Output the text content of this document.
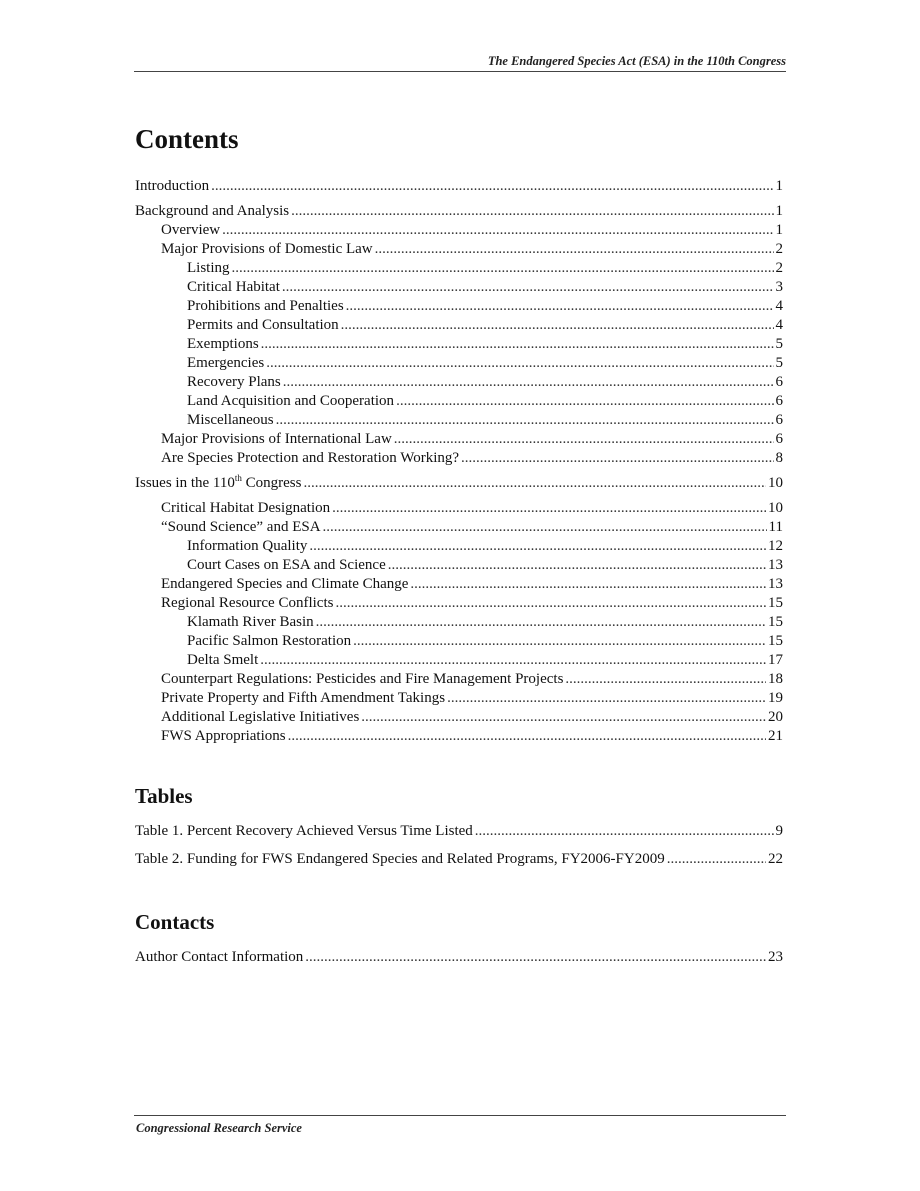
The Endangered Species Act (ESA) in the 110th Congress
Contents
Introduction .....	1
Background and Analysis .....	1
Overview .....	1
Major Provisions of Domestic Law .....	2
Listing .....	2
Critical Habitat .....	3
Prohibitions and Penalties .....	4
Permits and Consultation .....	4
Exemptions .....	5
Emergencies .....	5
Recovery Plans .....	6
Land Acquisition and Cooperation .....	6
Miscellaneous .....	6
Major Provisions of International Law .....	6
Are Species Protection and Restoration Working? .....	8
Issues in the 110th Congress .....	10
Critical Habitat Designation .....	10
“Sound Science” and ESA .....	11
Information Quality .....	12
Court Cases on ESA and Science .....	13
Endangered Species and Climate Change .....	13
Regional Resource Conflicts .....	15
Klamath River Basin .....	15
Pacific Salmon Restoration .....	15
Delta Smelt .....	17
Counterpart Regulations: Pesticides and Fire Management Projects .....	18
Private Property and Fifth Amendment Takings .....	19
Additional Legislative Initiatives .....	20
FWS Appropriations .....	21
Tables
Table 1. Percent Recovery Achieved Versus Time Listed .....	9
Table 2. Funding for FWS Endangered Species and Related Programs, FY2006-FY2009 .....	22
Contacts
Author Contact Information .....	23
Congressional Research Service
